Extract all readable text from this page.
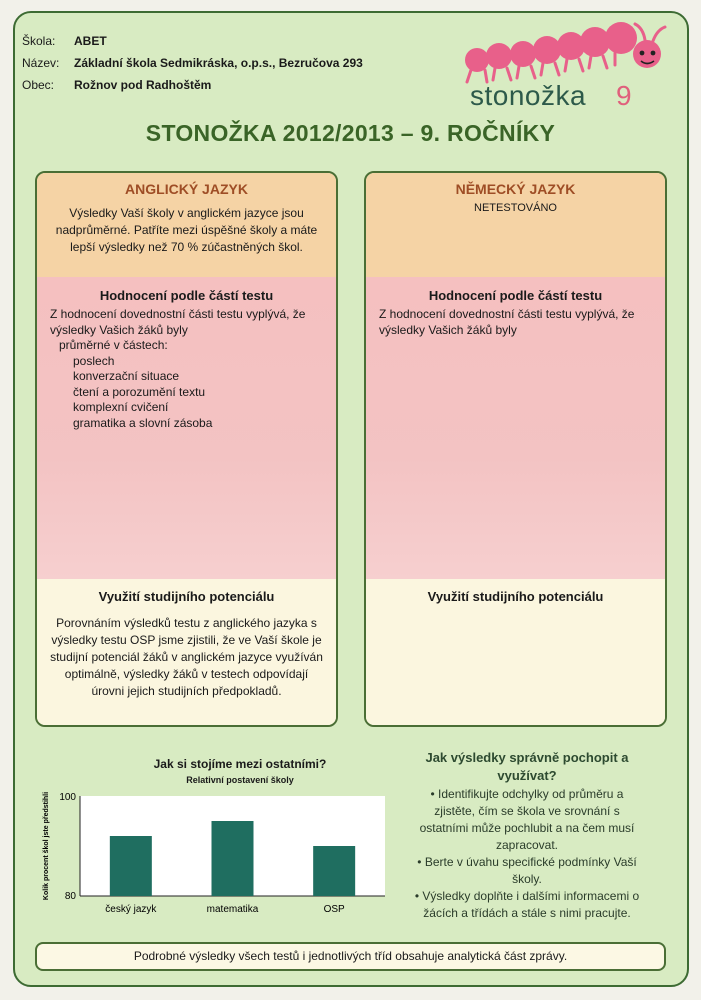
Škola:	ABET
Název:	Základní škola Sedmikráska, o.p.s., Bezručova 293
Obec:	Rožnov pod Radhoštěm	stonožka 9
STONOŽKA 2012/2013 – 9. ROČNÍKY
ANGLICKÝ JAZYK
Výsledky Vaší školy v anglickém jazyce jsou nadprůměrné. Patříte mezi úspěšné školy a máte lepší výsledky než 70 % zúčastněných škol.
Hodnocení podle částí testu
Z hodnocení dovednostní části testu vyplývá, že výsledky Vašich žáků byly
průměrné v částech:
poslech
konverzační situace
čtení a porozumění textu
komplexní cvičení
gramatika a slovní zásoba
Využití studijního potenciálu
Porovnáním výsledků testu z anglického jazyka s výsledky testu OSP jsme zjistili, že ve Vaší škole je studijní potenciál žáků v anglickém jazyce využíván optimálně, výsledky žáků v testech odpovídají úrovni jejich studijních předpokladů.
NĚMECKÝ JAZYK
NETESTOVÁNO
Hodnocení podle částí testu
Z hodnocení dovednostní části testu vyplývá, že výsledky Vašich žáků byly
Využití studijního potenciálu
Jak si stojíme mezi ostatními?
Relativní postavení školy
Kolik procent škol jste předstihli 100
80
český jazyk	matematika	OSP
Jak výsledky správně pochopit a využívat?
• Identifikujte odchylky od průměru a zjistěte, čím se škola ve srovnání s ostatními může pochlubit a na čem musí zapracovat.
• Berte v úvahu specifické podmínky Vaší školy.
• Výsledky doplňte i dalšími informacemi o žácích a třídách a stále s nimi pracujte.
Podrobné výsledky všech testů i jednotlivých tříd obsahuje analytická část zprávy.
